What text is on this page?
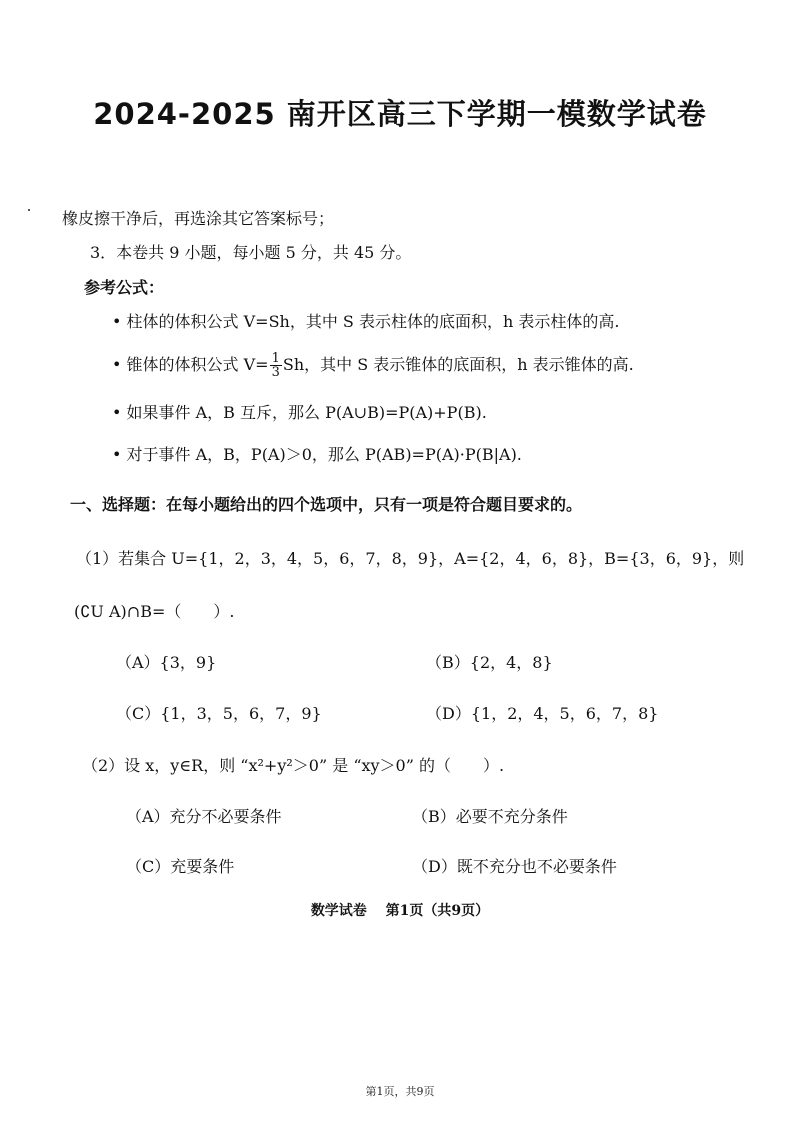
2024-2025 南开区高三下学期一模数学试卷
橡皮擦干净后，再选涂其它答案标号；
3．本卷共 9 小题，每小题 5 分，共 45 分。
参考公式：
• 柱体的体积公式 V=Sh，其中 S 表示柱体的底面积，h 表示柱体的高.
• 锥体的体积公式 $V= \frac{1}{3}$ Sh，其中 S 表示锥体的底面积，h 表示锥体的高.
• 如果事件 A，B 互斥，那么 P(A∪B)=P(A)+P(B).
• 对于事件 A，B，P(A)＞0，那么 P(AB)=P(A)·P(B|A).
一、选择题：在每小题给出的四个选项中，只有一项是符合题目要求的。
（1）若集合 U={1，2，3，4，5，6，7，8，9}，A={2，4，6，8}，B={3，6，9}，则
(∁U A)∩B=（　　）.
（A）{3，9}	（B）{2，4，8}
（C）{1，3，5，6，7，9}	（D）{1，2，4，5，6，7，8}
（2）设 x，y∈R，则 “x²+y²＞0” 是 “xy＞0” 的（　　）.
（A）充分不必要条件	（B）必要不充分条件
（C）充要条件	（D）既不充分也不必要条件
数学试卷　 第1页（共9页）
第1页，共9页
